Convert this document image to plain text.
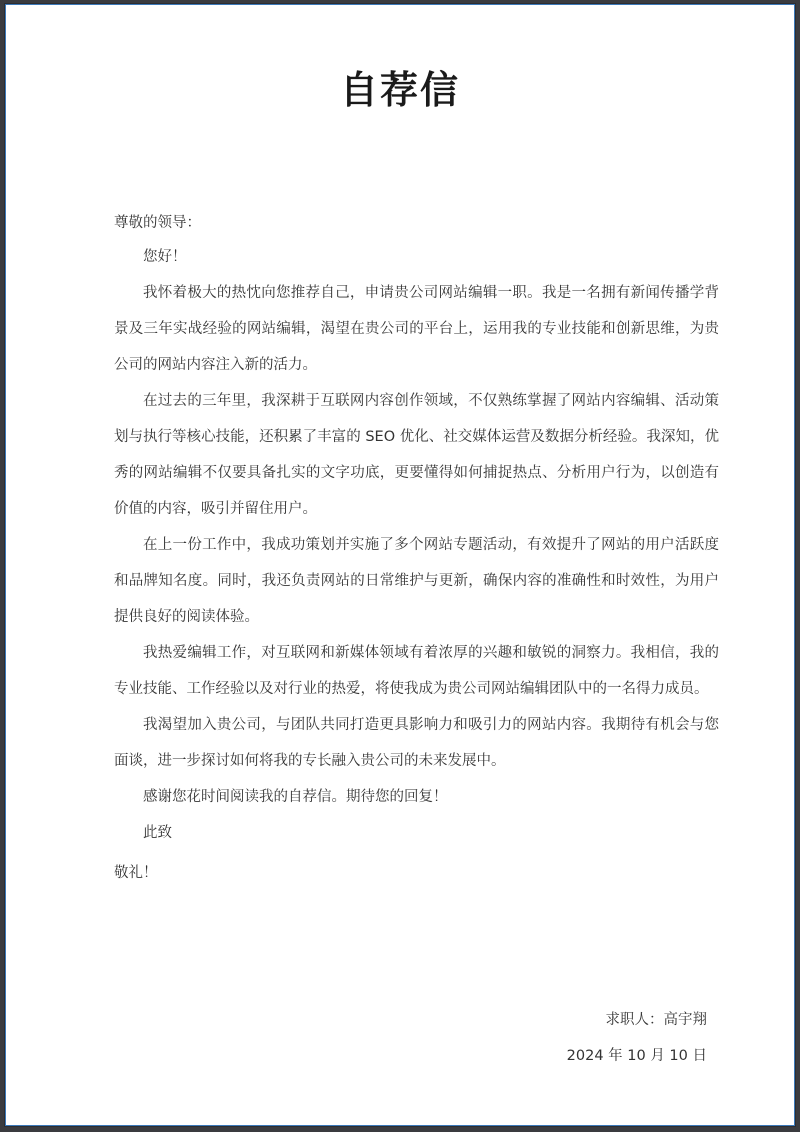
自荐信
尊敬的领导：
您好！
我怀着极大的热忱向您推荐自己，申请贵公司网站编辑一职。我是一名拥有新闻传播学背景及三年实战经验的网站编辑，渴望在贵公司的平台上，运用我的专业技能和创新思维，为贵公司的网站内容注入新的活力。
在过去的三年里，我深耕于互联网内容创作领域，不仅熟练掌握了网站内容编辑、活动策划与执行等核心技能，还积累了丰富的 SEO 优化、社交媒体运营及数据分析经验。我深知，优秀的网站编辑不仅要具备扎实的文字功底，更要懂得如何捕捉热点、分析用户行为，以创造有价值的内容，吸引并留住用户。
在上一份工作中，我成功策划并实施了多个网站专题活动，有效提升了网站的用户活跃度和品牌知名度。同时，我还负责网站的日常维护与更新，确保内容的准确性和时效性，为用户提供良好的阅读体验。
我热爱编辑工作，对互联网和新媒体领域有着浓厚的兴趣和敏锐的洞察力。我相信，我的专业技能、工作经验以及对行业的热爱，将使我成为贵公司网站编辑团队中的一名得力成员。
我渴望加入贵公司，与团队共同打造更具影响力和吸引力的网站内容。我期待有机会与您面谈，进一步探讨如何将我的专长融入贵公司的未来发展中。
感谢您花时间阅读我的自荐信。期待您的回复！
此致
敬礼！
求职人：高宇翔
2024 年 10 月 10 日
